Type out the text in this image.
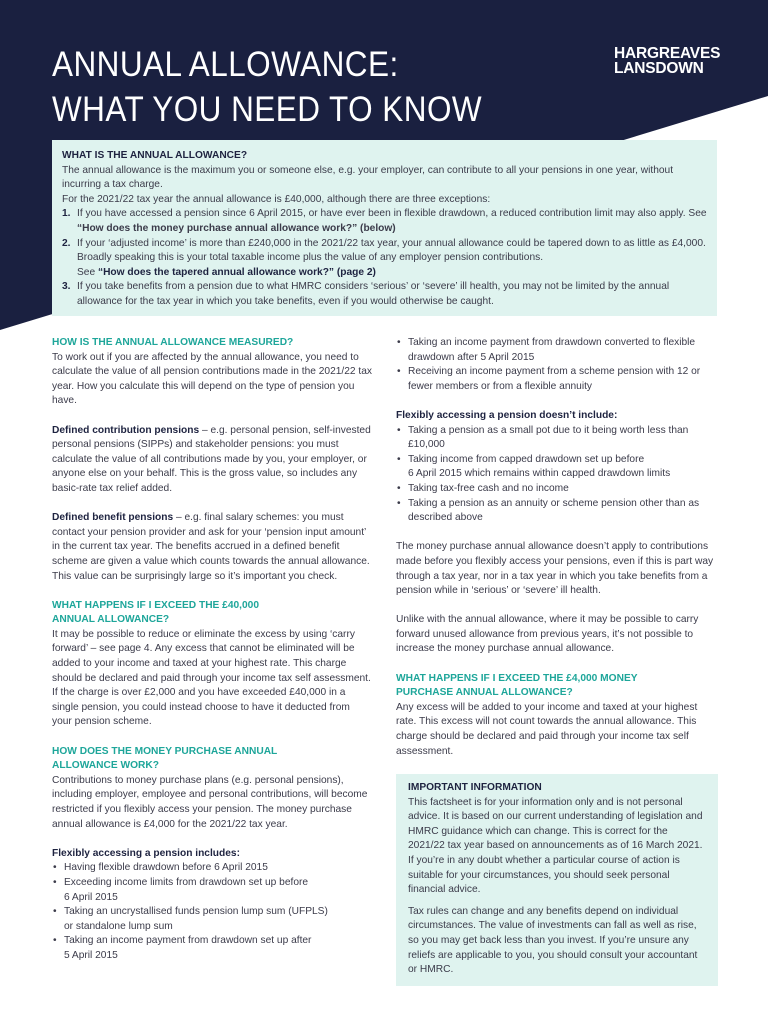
ANNUAL ALLOWANCE:
WHAT YOU NEED TO KNOW
HARGREAVES
LANSDOWN
WHAT IS THE ANNUAL ALLOWANCE?
The annual allowance is the maximum you or someone else, e.g. your employer, can contribute to all your pensions in one year, without incurring a tax charge.
For the 2021/22 tax year the annual allowance is £40,000, although there are three exceptions:
1. If you have accessed a pension since 6 April 2015, or have ever been in flexible drawdown, a reduced contribution limit may also apply. See “How does the money purchase annual allowance work?” (below)
2. If your ‘adjusted income’ is more than £240,000 in the 2021/22 tax year, your annual allowance could be tapered down to as little as £4,000. Broadly speaking this is your total taxable income plus the value of any employer pension contributions.
See “How does the tapered annual allowance work?” (page 2)
3. If you take benefits from a pension due to what HMRC considers ‘serious’ or ‘severe’ ill health, you may not be limited by the annual allowance for the tax year in which you take benefits, even if you would otherwise be caught.
HOW IS THE ANNUAL ALLOWANCE MEASURED?

To work out if you are affected by the annual allowance, you need to calculate the value of all pension contributions made in the 2021/22 tax year. How you calculate this will depend on the type of pension you have.

Defined contribution pensions – e.g. personal pension, self-invested personal pensions (SIPPs) and stakeholder pensions: you must calculate the value of all contributions made by you, your employer, or anyone else on your behalf. This is the gross value, so includes any basic-rate tax relief added.

Defined benefit pensions – e.g. final salary schemes: you must contact your pension provider and ask for your ‘pension input amount’ in the current tax year. The benefits accrued in a defined benefit scheme are given a value which counts towards the annual allowance. This value can be surprisingly large so it’s important you check.

WHAT HAPPENS IF I EXCEED THE £40,000
ANNUAL ALLOWANCE?

It may be possible to reduce or eliminate the excess by using ‘carry forward’ – see page 4. Any excess that cannot be eliminated will be added to your income and taxed at your highest rate. This charge should be declared and paid through your income tax self assessment. If the charge is over £2,000 and you have exceeded £40,000 in a single pension, you could instead choose to have it deducted from your pension scheme.

HOW DOES THE MONEY PURCHASE ANNUAL
ALLOWANCE WORK?

Contributions to money purchase plans (e.g. personal pensions), including employer, employee and personal contributions, will become restricted if you flexibly access your pension. The money purchase annual allowance is £4,000 for the 2021/22 tax year.

Flexibly accessing a pension includes:
• Having flexible drawdown before 6 April 2015
• Exceeding income limits from drawdown set up before
6 April 2015
• Taking an uncrystallised funds pension lump sum (UFPLS)
or standalone lump sum
• Taking an income payment from drawdown set up after
5 April 2015
• Taking an income payment from drawdown converted to flexible drawdown after 5 April 2015
• Receiving an income payment from a scheme pension with 12 or fewer members or from a flexible annuity
Flexibly accessing a pension doesn’t include:
• Taking a pension as a small pot due to it being worth less than £10,000
• Taking income from capped drawdown set up before
6 April 2015 which remains within capped drawdown limits
• Taking tax-free cash and no income
• Taking a pension as an annuity or scheme pension other than as described above

The money purchase annual allowance doesn’t apply to contributions made before you flexibly access your pensions, even if this is part way through a tax year, nor in a tax year in which you take benefits from a pension while in ‘serious’ or ‘severe’ ill health.

Unlike with the annual allowance, where it may be possible to carry forward unused allowance from previous years, it’s not possible to increase the money purchase annual allowance.

WHAT HAPPENS IF I EXCEED THE £4,000 MONEY
PURCHASE ANNUAL ALLOWANCE?

Any excess will be added to your income and taxed at your highest rate. This excess will not count towards the annual allowance. This charge should be declared and paid through your income tax self assessment.

IMPORTANT INFORMATION

This factsheet is for your information only and is not personal advice. It is based on our current understanding of legislation and HMRC guidance which can change. This is correct for the 2021/22 tax year based on announcements as of 16 March 2021. If you’re in any doubt whether a particular course of action is suitable for your circumstances, you should seek personal financial advice.

Tax rules can change and any benefits depend on individual circumstances. The value of investments can fall as well as rise, so you may get back less than you invest. If you’re unsure any reliefs are applicable to you, you should consult your accountant or HMRC.
